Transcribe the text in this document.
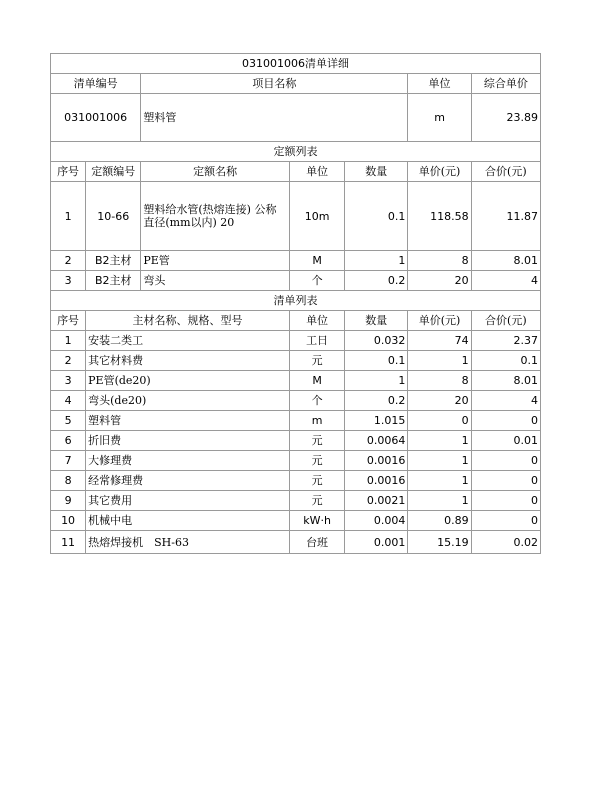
031001006清单详细						
清单编号		项目名称			单位	综合单价
031001006		塑料管			m	23.89
定额列表						
序号	定额编号	定额名称	单位	数量	单价(元)	合价(元)
1	10-66	塑料给水管(热熔连接) 公称直径(mm以内) 20	10m	0.1	118.58	11.87
2	B2主材	PE管	M	1	8	8.01
3	B2主材	弯头	个	0.2	20	4
清单列表						
序号	主材名称、规格、型号		单位	数量	单价(元)	合价(元)
1	安装二类工		工日	0.032	74	2.37
2	其它材料费		元	0.1	1	0.1
3	PE管(de20)		M	1	8	8.01
4	弯头(de20)		个	0.2	20	4
5	塑料管		m	1.015	0	0
6	折旧费		元	0.0064	1	0.01
7	大修理费		元	0.0016	1	0
8	经常修理费		元	0.0016	1	0
9	其它费用		元	0.0021	1	0
10	机械中电		kW·h	0.004	0.89	0
11	热熔焊接机　SH-63		台班	0.001	15.19	0.02
